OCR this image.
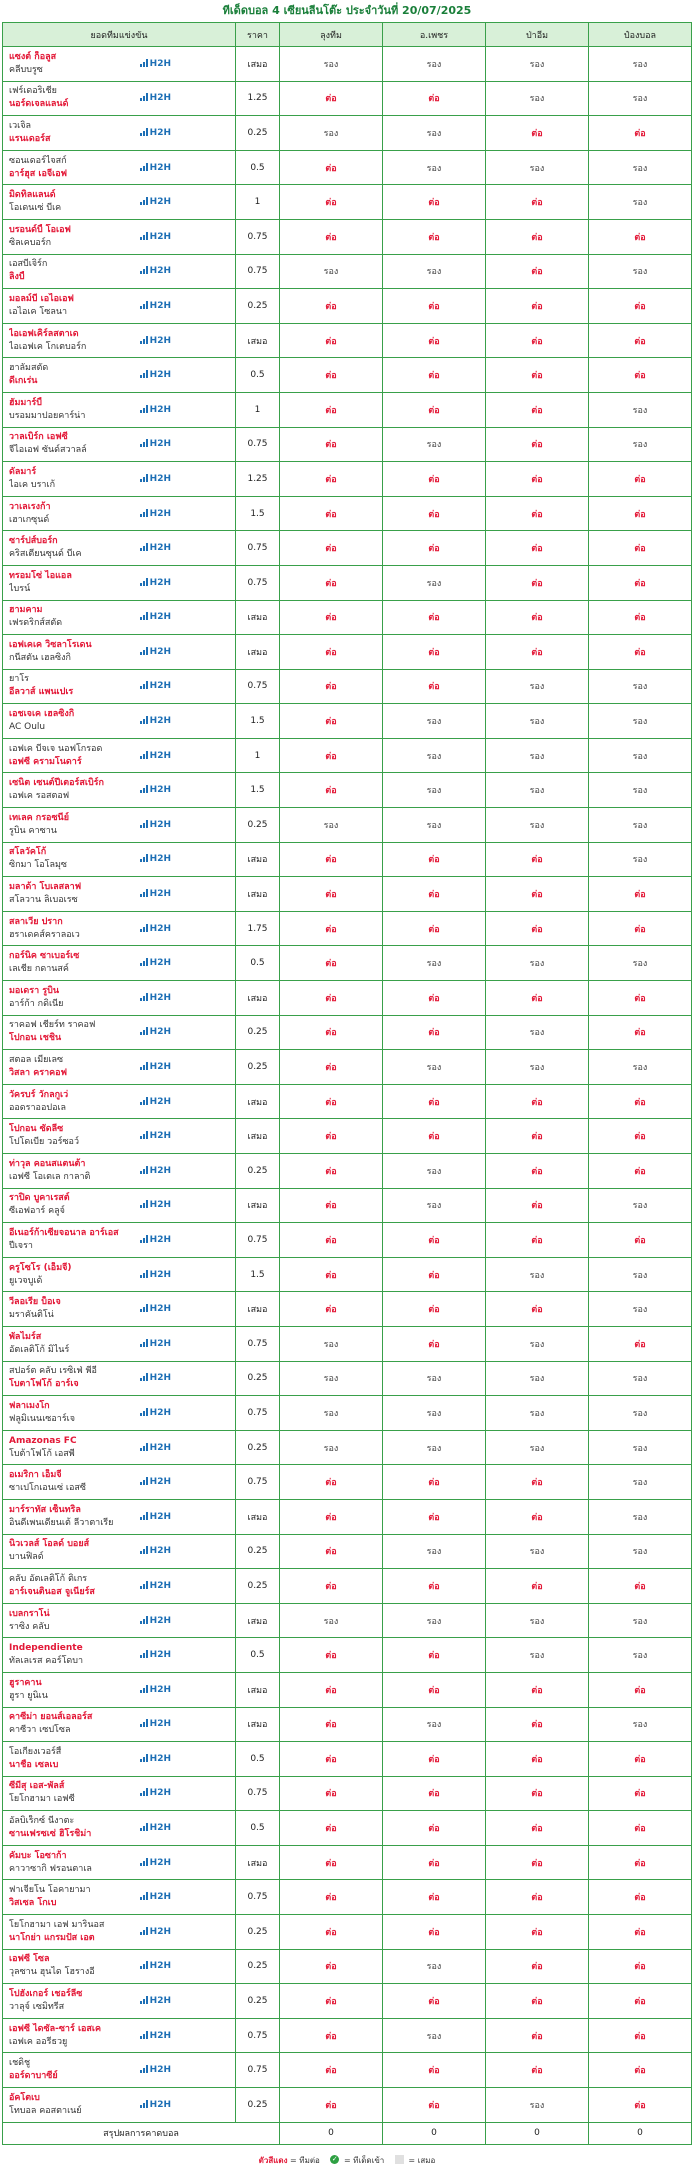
ทีเด็ดบอล 4 เซียนลีนโต๊ะ ประจำวันที่ 20/07/2025
ยอดทีมแข่งขัน	ราคา	ลุงทีม	อ.เพชร	ป่าอีม	ป๋องบอล

แซงต์ ก็อลูส
คลีบบรูซ
H2H	เสมอ	รอง	รอง	รอง	รอง

เฟร์เดอริเชีย
นอร์ดเจลแลนด์
H2H	1.25	ต่อ	ต่อ	รอง	รอง

เวเจิล
แรนเดอร์ส
H2H	0.25	รอง	รอง	ต่อ	ต่อ

ซอนเดอร์ไจสก์
อาร์ฮุส เอจีเอฟ
H2H	0.5	ต่อ	รอง	รอง	รอง

มิดทิลแลนด์
โอเดนเซ่ บีเค
H2H	1	ต่อ	ต่อ	ต่อ	รอง

บรอนด์บี้ โอเอฟ
ซิลเคบอร์ก
H2H	0.75	ต่อ	ต่อ	ต่อ	ต่อ

เอสบีเจิร์ก
ลิงบี้
H2H	0.75	รอง	รอง	ต่อ	รอง

มอลม์บี เอไอเอฟ
เอไอเค โซลนา
H2H	0.25	ต่อ	ต่อ	ต่อ	ต่อ

ไอเอฟเคิร์ลสตาเด
ไอเอฟเค โกเตบอร์ก
H2H	เสมอ	ต่อ	ต่อ	ต่อ	ต่อ

ฮาลัมสตัด
ดีเกเร่น
H2H	0.5	ต่อ	ต่อ	ต่อ	ต่อ

ฮัมมาร์บี้
บรอมมาปอยคาร์น่า
H2H	1	ต่อ	ต่อ	ต่อ	รอง

วาลเบิร์ก เอฟซี
จีไอเอฟ ซันด์สวาลล์
H2H	0.75	ต่อ	รอง	ต่อ	รอง

ดัลมาร์
ไอเค บราเก้
H2H	1.25	ต่อ	ต่อ	ต่อ	ต่อ

วาเลเรงก้า
เฮาเกซุนด์
H2H	1.5	ต่อ	ต่อ	ต่อ	ต่อ

ซาร์ปส์บอร์ก
คริสเตียนซุนด์ บีเค
H2H	0.75	ต่อ	ต่อ	ต่อ	ต่อ

ทรอมโซ่ ไอแอล
ไบรน์
H2H	0.75	ต่อ	รอง	ต่อ	ต่อ

ฮามคาม
เฟรดริกส์สตัด
H2H	เสมอ	ต่อ	ต่อ	ต่อ	ต่อ

เอฟเคเค วิซลาโรเดน
กนีสตัน เฮลซิงกิ
H2H	เสมอ	ต่อ	ต่อ	ต่อ	ต่อ

ยาโร
อีลวาส์ แพนเปเร
H2H	0.75	ต่อ	ต่อ	รอง	รอง

เอชเจเค เฮลซิงกิ
AC Oulu
H2H	1.5	ต่อ	รอง	รอง	รอง

เอฟเค บีจเจ นอฟโกรอด
เอฟซี ครามโนดาร์
H2H	1	ต่อ	รอง	รอง	รอง

เซนิต เซนต์ปีเตอร์สเบิร์ก
เอฟเค รอสตอฟ
H2H	1.5	ต่อ	รอง	รอง	รอง

เทเลค กรอซนี่ย์
รูบิน คาซาน
H2H	0.25	รอง	รอง	รอง	รอง

สโลวัคโก้
ซิกมา โอโลมุซ
H2H	เสมอ	ต่อ	ต่อ	ต่อ	รอง

มลาด้า โบเลสลาฟ
สโลวาน ลิเบอเรซ
H2H	เสมอ	ต่อ	ต่อ	ต่อ	ต่อ

สลาเวีย ปราก
ฮราเดคส์คราลอเว
H2H	1.75	ต่อ	ต่อ	ต่อ	ต่อ

กอร์นิค ซาเบอร์เซ
เลเชีย กดานสค์
H2H	0.5	ต่อ	รอง	รอง	รอง

มอเดรา รูบิน
อาร์ก้า กดิเนีย
H2H	เสมอ	ต่อ	ต่อ	ต่อ	ต่อ

ราคอฟ เชียร์ท ราคอฟ
โปกอน เชชิน
H2H	0.25	ต่อ	ต่อ	รอง	ต่อ

สตอล เมียเลซ
วิสลา คราคอฟ
H2H	0.25	ต่อ	รอง	รอง	รอง

วัครบร์ วักลกูเว่
ออดราออปอเล
H2H	เสมอ	ต่อ	ต่อ	ต่อ	ต่อ

โปกอน ซัดลีซ
โปโดเบีย วอร์ซอว์
H2H	เสมอ	ต่อ	ต่อ	ต่อ	ต่อ

ท่าวุล คอนสแตนต้า
เอฟซี โอเตเล กาลาติ
H2H	0.25	ต่อ	รอง	ต่อ	ต่อ

ราปิด บูคาเรสต์
ซีเอฟอาร์ คลูจ์
H2H	เสมอ	ต่อ	รอง	ต่อ	รอง

อีเนอร์ก้าเซียจอนาล อาร์เอส
ปีเจรา
H2H	0.75	ต่อ	ต่อ	ต่อ	ต่อ

ครูโซโร (เอ็มจี)
ยูเวจบูเด้
H2H	1.5	ต่อ	ต่อ	รอง	รอง

วีลอเรีย บ็อเจ
มราคันติโน่
H2H	เสมอ	ต่อ	ต่อ	ต่อ	รอง

พัลไมร์ส
อัตเลติโก้ มิไนร์
H2H	0.75	รอง	ต่อ	รอง	ต่อ

สปอร์ต คลับ เรซิเฟ่ พีอี
โบตาโฟโก้ อาร์เจ
H2H	0.25	รอง	รอง	รอง	รอง

ฟลาเมงโก
ฟลูมิเนนเซอาร์เจ
H2H	0.75	รอง	รอง	รอง	รอง

Amazonas FC
โบต้าโฟโก้ เอสพี
H2H	0.25	รอง	รอง	รอง	รอง

อเมริกา เอ็มจี
ซาเปโกเอนเซ่ เอสซี
H2H	0.75	ต่อ	ต่อ	ต่อ	รอง

มาร์ราทัส เซ็นทริล
อินดีเพนเดียนเต้ ลีวาตาเรีย
H2H	เสมอ	ต่อ	ต่อ	ต่อ	รอง

นิวเวลส์ โอลด์ บอยส์
บานฟิลด์
H2H	0.25	ต่อ	รอง	รอง	รอง

คลับ อัตเลติโก้ ติเกร
อาร์เจนตินอส จูเนียร์ส
H2H	0.25	ต่อ	ต่อ	ต่อ	ต่อ

เบลกราโน่
ราซิ่ง คลับ
H2H	เสมอ	รอง	รอง	รอง	รอง

Independiente
ทัลเลเรส คอร์โดบา
H2H	0.5	ต่อ	ต่อ	รอง	รอง

ฮูราคาน
ฮูรา ยูนิเน
H2H	เสมอ	ต่อ	ต่อ	ต่อ	ต่อ

คาซีม่า ยอนส์เอลอร์ส
คาซีวา เซปโซล
H2H	เสมอ	ต่อ	รอง	ต่อ	รอง

โอเกียงเวอร์สี้
นาชือ เซลเบ
H2H	0.5	ต่อ	ต่อ	ต่อ	ต่อ

ซีมีสุ เอส-พัลส์
โยโกฮามา เอฟซี
H2H	0.75	ต่อ	ต่อ	ต่อ	ต่อ

อัลบิเร็กซ์ นีงาตะ
ซานเฟรซเซ่ ฮิโรชิม่า
H2H	0.5	ต่อ	ต่อ	ต่อ	ต่อ

คัมบะ โอซาก้า
คาวาซากิ ฟรอนตาเล
H2H	เสมอ	ต่อ	ต่อ	ต่อ	ต่อ

ฟาเจียโน โอคายามา
วิสเซล โกเบ
H2H	0.75	ต่อ	ต่อ	ต่อ	ต่อ

โยโกฮามา เอฟ มารินอส
นาโกย่า แกรมปัส เอต
H2H	0.25	ต่อ	ต่อ	ต่อ	ต่อ

เอฟซี โซล
วุลซาน ฮุนได โฮรางอี
H2H	0.25	ต่อ	รอง	ต่อ	ต่อ

โปฮังเกอร์ เชอร์ลีซ
วาลุจ์ เซมิทรีส
H2H	0.25	ต่อ	ต่อ	ต่อ	ต่อ

เอฟซี ไดซัล-ซาร์ เอสเค
เอฟเค ออรีธวยู
H2H	0.75	ต่อ	รอง	ต่อ	ต่อ

เชดิชู
ออร์ดาบาซีย์
H2H	0.75	ต่อ	ต่อ	ต่อ	ต่อ

อัคโตเบ
โทบอล คอสตาเนย์
H2H	0.25	ต่อ	ต่อ	รอง	ต่อ
สรุปผลการคาดบอล		0	0	0	0
ตัวสีแดง = ทีมต่อ ✓	= ทีเด็ดเข้า	= เสมอ
